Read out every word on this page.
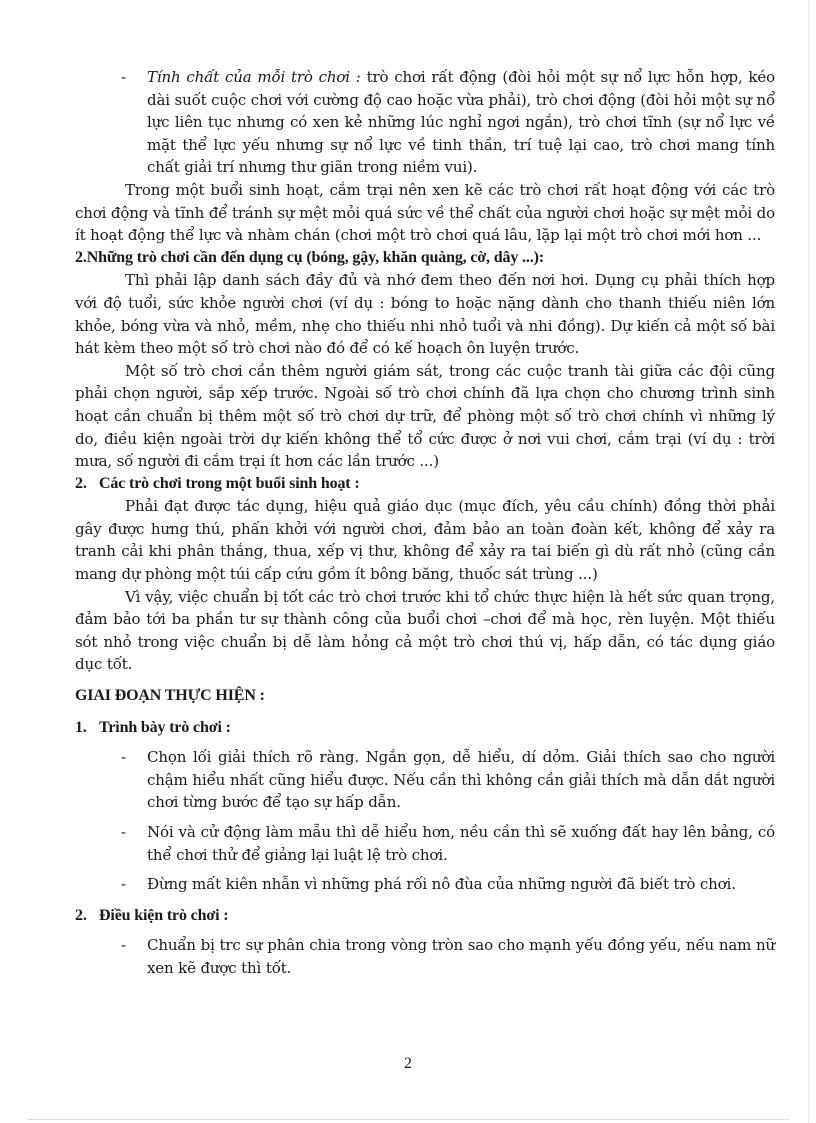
-	Tính chất của mỗi trò chơi : trò chơi rất động (đòi hỏi một sự nổ lực hỗn hợp, kéo dài suốt cuộc chơi với cường độ cao hoặc vừa phải), trò chơi động (đòi hỏi một sự nổ lực liên tục nhưng có xen kẻ những lúc nghỉ ngơi ngắn), trò chơi tĩnh (sự nổ lực về mặt thể lực yếu nhưng sự nổ lực về tinh thần, trí tuệ lại cao, trò chơi mang tính chất giải trí nhưng thư giãn trong niềm vui).

Trong một buổi sinh hoạt, cắm trại nên xen kẽ các trò chơi rất hoạt động với các trò chơi động và tĩnh để tránh sự mệt mỏi quá sức về thể chất của người chơi hoặc sự mệt mỏi do ít hoạt động thể lực và nhàm chán (chơi một trò chơi quá lâu, lặp lại một trò chơi mới hơn ...

2.Những trò chơi cần đến dụng cụ (bóng, gậy, khăn quàng, cờ, dây ...):

Thì phải lập danh sách đầy đủ và nhớ đem theo đến nơi hơi. Dụng cụ phải thích hợp với độ tuổi, sức khỏe người chơi (ví dụ : bóng to hoặc nặng dành cho thanh thiếu niên lớn khỏe, bóng vừa và nhỏ, mềm, nhẹ cho thiếu nhi nhỏ tuổi và nhi đồng). Dự kiến cả một số bài hát kèm theo một số trò chơi nào đó để có kế hoạch ôn luyện trước.

Một số trò chơi cần thêm người giám sát, trong các cuộc tranh tài giữa các đội cũng phải chọn người, sắp xếp trước. Ngoài số trò chơi chính đã lựa chọn cho chương trình sinh hoạt cần chuẩn bị thêm một số trò chơi dự trữ, để phòng một số trò chơi chính vì những lý do, điều kiện ngoài trời dự kiến không thể tổ cức được ở nơi vui chơi, cắm trại (ví dụ : trời mưa, số người đi cắm trại ít hơn các lần trước ...)

2. Các trò chơi trong một buổi sinh hoạt :

Phải đạt được tác dụng, hiệu quả giáo dục (mục đích, yêu cầu chính) đồng thời phải gây được hưng thú, phấn khởi với người chơi, đảm bảo an toàn đoàn kết, không để xảy ra tranh cải khi phân thắng, thua, xếp vị thư, không để xảy ra tai biến gì dù rất nhỏ (cũng cần mang dự phòng một túi cấp cứu gồm ít bông băng, thuốc sát trùng ...)

Vì vậy, việc chuẩn bị tốt các trò chơi trước khi tổ chức thực hiện là hết sức quan trọng, đảm bảo tới ba phần tư sự thành công của buổi chơi –chơi để mà học, rèn luyện. Một thiếu sót nhỏ trong việc chuẩn bị dễ làm hỏng cả một trò chơi thú vị, hấp dẫn, có tác dụng giáo dục tốt.

GIAI ĐOẠN THỰC HIỆN :

1. Trình bày trò chơi :
-	Chọn lối giải thích rõ ràng. Ngắn gọn, dễ hiểu, dí dỏm. Giải thích sao cho người chậm hiểu nhất cũng hiểu được. Nếu cần thì không cần giải thích mà dẫn dắt người chơi từng bước để tạo sự hấp dẫn.

-	Nói và cử động làm mẫu thì dễ hiểu hơn, nều cần thì sẽ xuống đất hay lên bảng, có thể chơi thử để giảng lại luật lệ trò chơi.

-	Đừng mất kiên nhẫn vì những phá rối nô đùa của những người đã biết trò chơi.

2. Điều kiện trò chơi :
-	Chuẩn bị trc sự phân chia trong vòng tròn sao cho mạnh yếu đồng yếu, nếu nam nữ xen kẽ được thì tốt.

2
